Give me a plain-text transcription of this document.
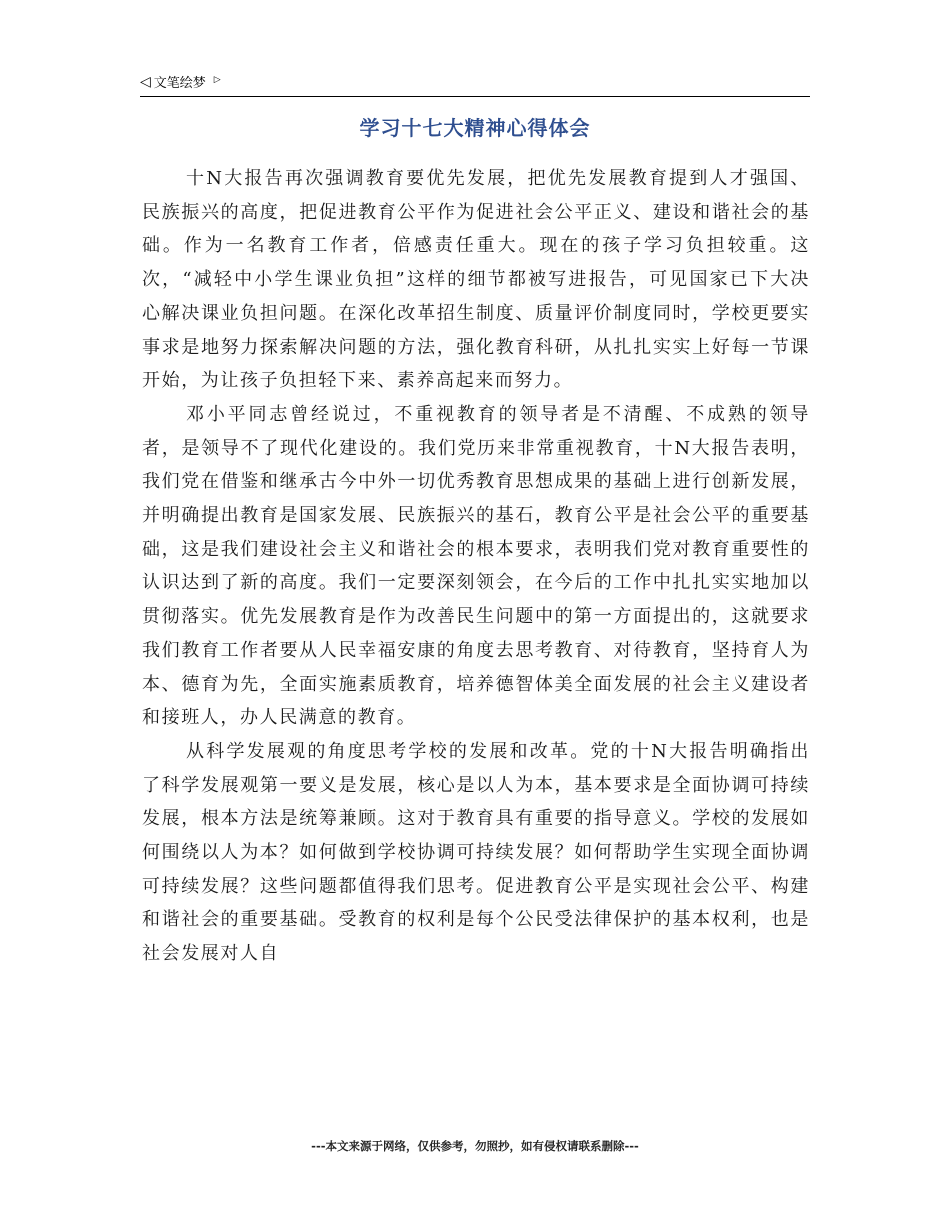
◁ 文笔绘梦 ▷
学习十七大精神心得体会

十N大报告再次强调教育要优先发展，把优先发展教育提到人才强国、民族振兴的高度，把促进教育公平作为促进社会公平正义、建设和谐社会的基础。作为一名教育工作者，倍感责任重大。现在的孩子学习负担较重。这次，“减轻中小学生课业负担”这样的细节都被写进报告，可见国家已下大决心解决课业负担问题。在深化改革招生制度、质量评价制度同时，学校更要实事求是地努力探索解决问题的方法，强化教育科研，从扎扎实实上好每一节课开始，为让孩子负担轻下来、素养高起来而努力。

邓小平同志曾经说过，不重视教育的领导者是不清醒、不成熟的领导者，是领导不了现代化建设的。我们党历来非常重视教育，十N大报告表明，我们党在借鉴和继承古今中外一切优秀教育思想成果的基础上进行创新发展，并明确提出教育是国家发展、民族振兴的基石，教育公平是社会公平的重要基础，这是我们建设社会主义和谐社会的根本要求，表明我们党对教育重要性的认识达到了新的高度。我们一定要深刻领会，在今后的工作中扎扎实实地加以贯彻落实。优先发展教育是作为改善民生问题中的第一方面提出的，这就要求我们教育工作者要从人民幸福安康的角度去思考教育、对待教育，坚持育人为本、德育为先，全面实施素质教育，培养德智体美全面发展的社会主义建设者和接班人，办人民满意的教育。

从科学发展观的角度思考学校的发展和改革。党的十N大报告明确指出了科学发展观第一要义是发展，核心是以人为本，基本要求是全面协调可持续发展，根本方法是统筹兼顾。这对于教育具有重要的指导意义。学校的发展如何围绕以人为本？如何做到学校协调可持续发展？如何帮助学生实现全面协调可持续发展？这些问题都值得我们思考。促进教育公平是实现社会公平、构建和谐社会的重要基础。受教育的权利是每个公民受法律保护的基本权利，也是社会发展对人自

---本文来源于网络，仅供参考，勿照抄，如有侵权请联系删除---
